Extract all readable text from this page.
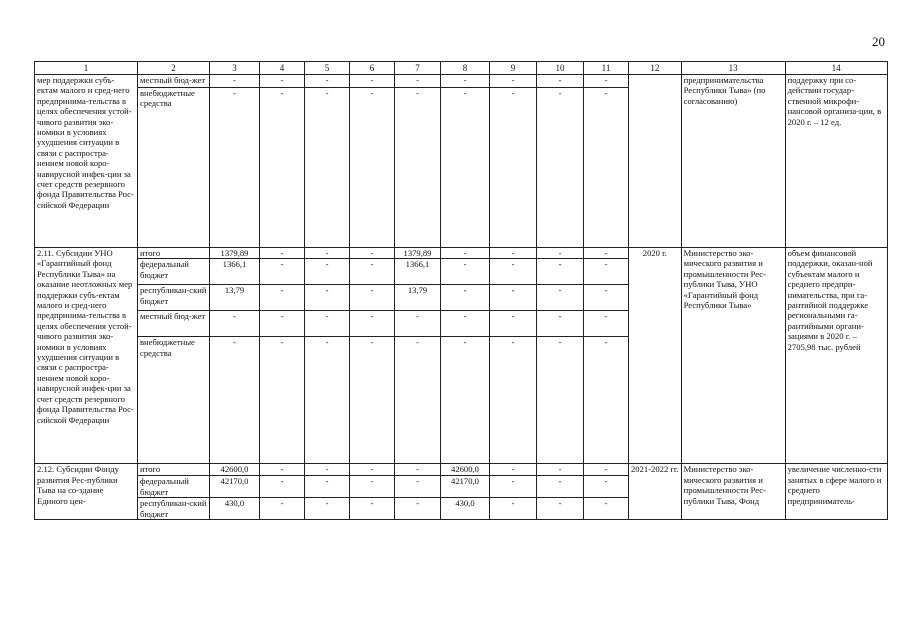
20
1	2	3	4	5	6	7	8	9	10	11	12	13	14
мер поддержки субъ-ектам малого и сред-него предпринима-тельства в целях обеспечения устой-чивого развития эко-номики в условиях ухудшения ситуации в связи с распростра-нением новой коро-навирусной инфек-ции за счет средств резервного фонда Правительства Рос-сийской Федерации	местный бюд-жет	-	-	-	-	-	-	-	-	-		предпринимательства Республики Тыва» (по согласованию)	поддержку при со-действии государ-ственной микрофи-нансовой организа-ции, в 2020 г. – 12 ед.
	внебюджетные средства	-	-	-	-	-	-	-	-	-			
2.11. Субсидии УНО «Гарантийный фонд Республики Тыва» на оказание неотложных мер поддержки субъ-ектам малого и сред-него предпринима-тельства в целях обеспечения устой-чивого развития эко-номики в условиях ухудшения ситуации в связи с распростра-нением новой коро-навирусной инфек-ции за счет средств резервного фонда Правительства Рос-сийской Федерации	итого	1379,89	-	-	-	1379,89	-	-	-	-	2020 г.	Министерство эко-мического развития и промышленности Рес-публики Тыва, УНО «Гарантийный фонд Республики Тыва»	объем финансовой поддержки, оказан-ной субъектам малого и среднего предпри-нимательства, при га-рантийной поддержке региональными га-рантийными органи-зациями в 2020 г. – 2705,98 тыс. рублей
	федеральный бюджет	1366,1	-	-	-	1366,1	-	-	-	-			
	республикан-ский бюджет	13,79	-	-	-	13,79	-	-	-	-			
	местный бюд-жет	-	-	-	-	-	-	-	-	-			
	внебюджетные средства	-	-	-	-	-	-	-	-	-			
2.12. Субсидии Фонду развития Рес-публики Тыва на со-здание Единого цен-	итого	42600,0	-	-	-	-	42600,0	-	-	-	2021-2022 гг.	Министерство эко-мического развития и промышленности Рес-публики Тыва, Фонд	увеличение численно-сти занятых в сфере малого и среднего предприниматель-
	федеральный бюджет	42170,0	-	-	-	-	42170,0	-	-	-			
	республикан-ский бюджет	430,0	-	-	-	-	430,0	-	-	-			
